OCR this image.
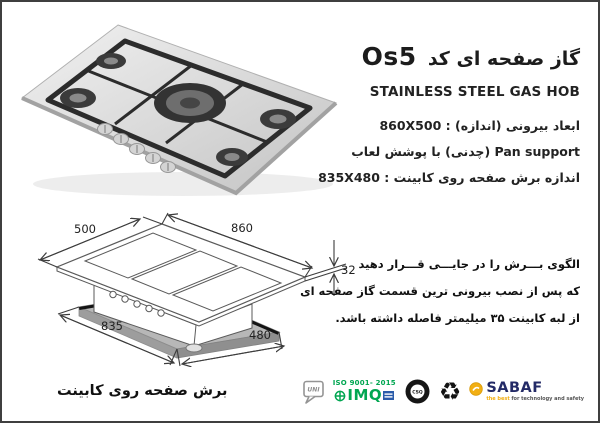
گاز صفحه ای کد Os5
STAINLESS STEEL GAS HOB
ابعاد بیرونی (اندازه) : 860X500
Pan support (چدنی) با پوشش لعاب
اندازه برش صفحه روی کابینت : 835X480
500	860
32
835
480
الگوی بـــرش را در جایـــی قـــرار دهید
که پس از نصب بیرونی ترین قسمت گاز صفحه ای
از لبه کابینت ۳۵ میلیمتر فاصله داشته باشد.
برش صفحه روی کابینت	UNI
ISO 9001- 2015
IMQ	CSQ ♻ SABAF
the best for technology and safety
